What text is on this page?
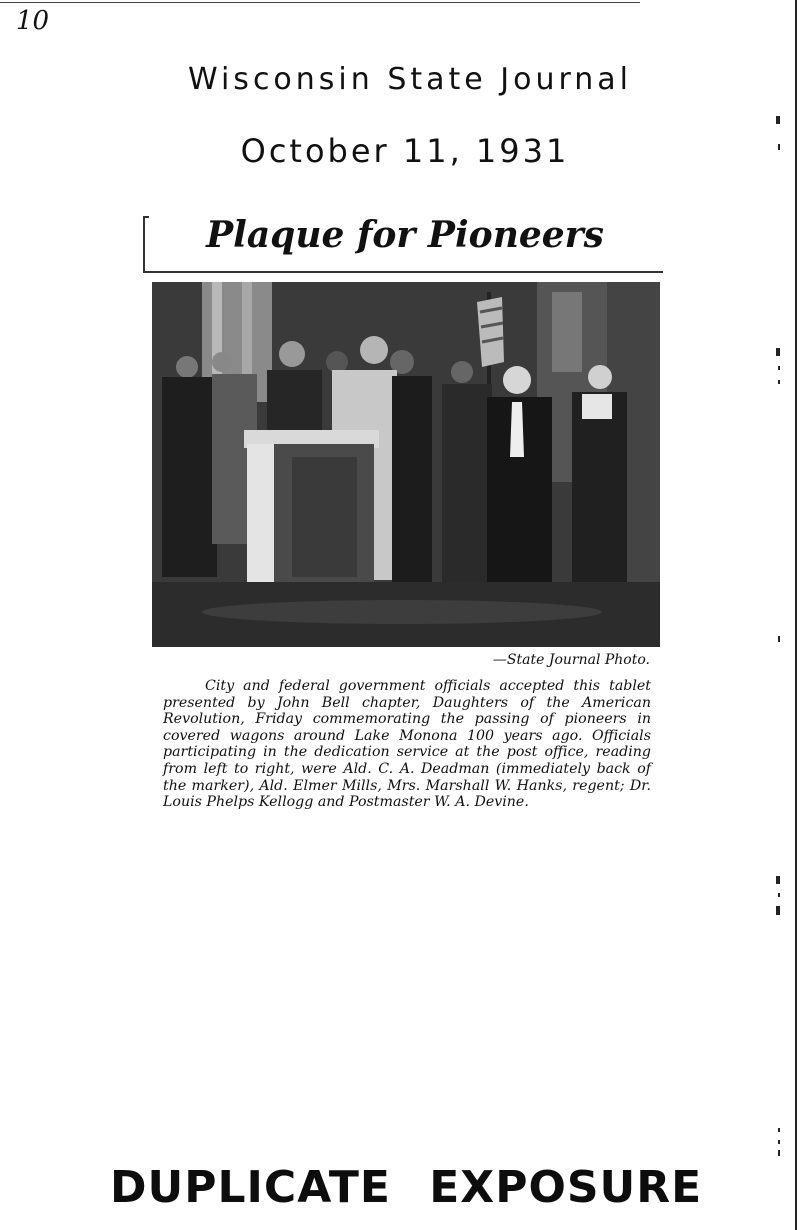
10
Wisconsin State Journal
October 11, 1931
Plaque for Pioneers
—State Journal Photo.

City and federal government officials accepted this tablet presented by John Bell chapter, Daughters of the American Revolution, Friday commemorating the passing of pioneers in covered wagons around Lake Monona 100 years ago. Officials participating in the dedication service at the post office, reading from left to right, were Ald. C. A. Deadman (immediately back of the marker), Ald. Elmer Mills, Mrs. Marshall W. Hanks, regent; Dr. Louis Phelps Kellogg and Postmaster W. A. Devine.

DUPLICATE EXPOSURE
